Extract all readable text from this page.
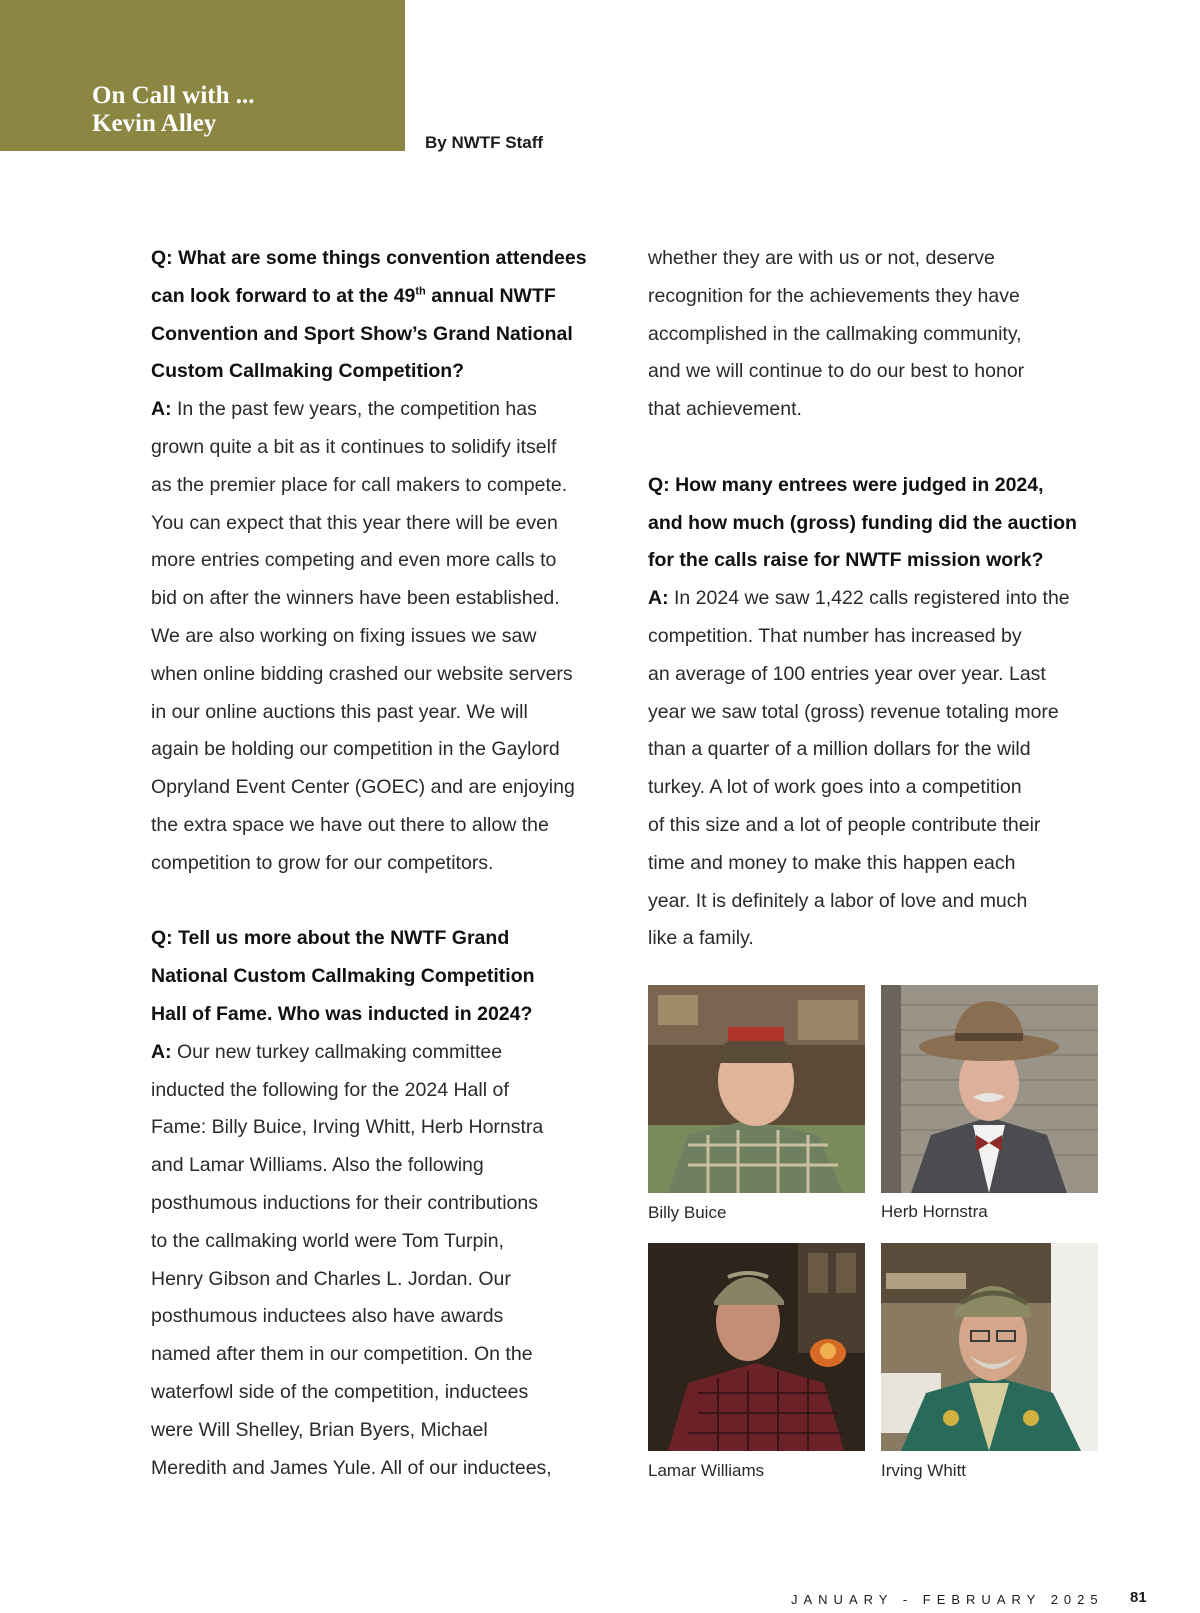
On Call with ...
Kevin Alley
By NWTF Staff
Q: What are some things convention attendees
can look forward to at the 49th annual NWTF
Convention and Sport Show’s Grand National
Custom Callmaking Competition?
A: In the past few years, the competition has
grown quite a bit as it continues to solidify itself
as the premier place for call makers to compete.
You can expect that this year there will be even
more entries competing and even more calls to
bid on after the winners have been established.
We are also working on fixing issues we saw
when online bidding crashed our website servers
in our online auctions this past year. We will
again be holding our competition in the Gaylord
Opryland Event Center (GOEC) and are enjoying
the extra space we have out there to allow the
competition to grow for our competitors.
Q: Tell us more about the NWTF Grand
National Custom Callmaking Competition
Hall of Fame. Who was inducted in 2024?
A: Our new turkey callmaking committee
inducted the following for the 2024 Hall of
Fame: Billy Buice, Irving Whitt, Herb Hornstra
and Lamar Williams. Also the following
posthumous inductions for their contributions
to the callmaking world were Tom Turpin,
Henry Gibson and Charles L. Jordan. Our
posthumous inductees also have awards
named after them in our competition. On the
waterfowl side of the competition, inductees
were Will Shelley, Brian Byers, Michael
Meredith and James Yule. All of our inductees,
whether they are with us or not, deserve
recognition for the achievements they have
accomplished in the callmaking community,
and we will continue to do our best to honor
that achievement.
Q: How many entrees were judged in 2024,
and how much (gross) funding did the auction
for the calls raise for NWTF mission work?
A: In 2024 we saw 1,422 calls registered into the
competition. That number has increased by
an average of 100 entries year over year. Last
year we saw total (gross) revenue totaling more
than a quarter of a million dollars for the wild
turkey. A lot of work goes into a competition
of this size and a lot of people contribute their
time and money to make this happen each
year. It is definitely a labor of love and much
like a family.
Billy Buice	Herb Hornstra
Lamar Williams	Irving Whitt
JANUARY - FEBRUARY 2025 81
